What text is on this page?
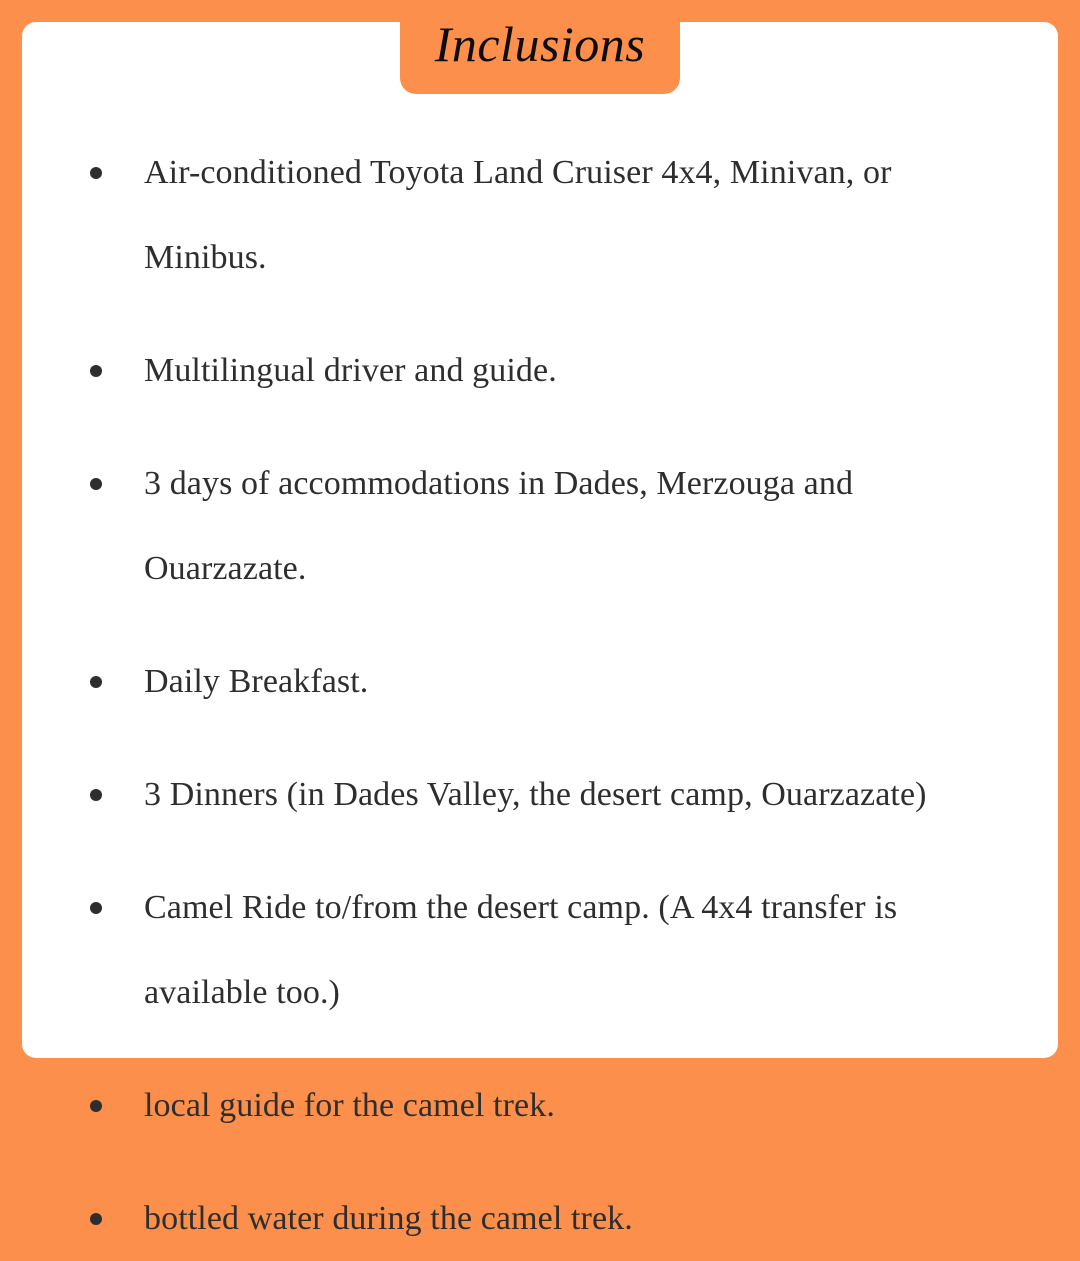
Air-conditioned Toyota Land Cruiser 4x4, Minivan, or Minibus.
Multilingual driver and guide.
3 days of accommodations in Dades, Merzouga and Ouarzazate.
Daily Breakfast.
3 Dinners (in Dades Valley, the desert camp, Ouarzazate)
Camel Ride to/from the desert camp. (A 4x4 transfer is available too.)
local guide for the camel trek.
bottled water during the camel trek.
Inclusions
